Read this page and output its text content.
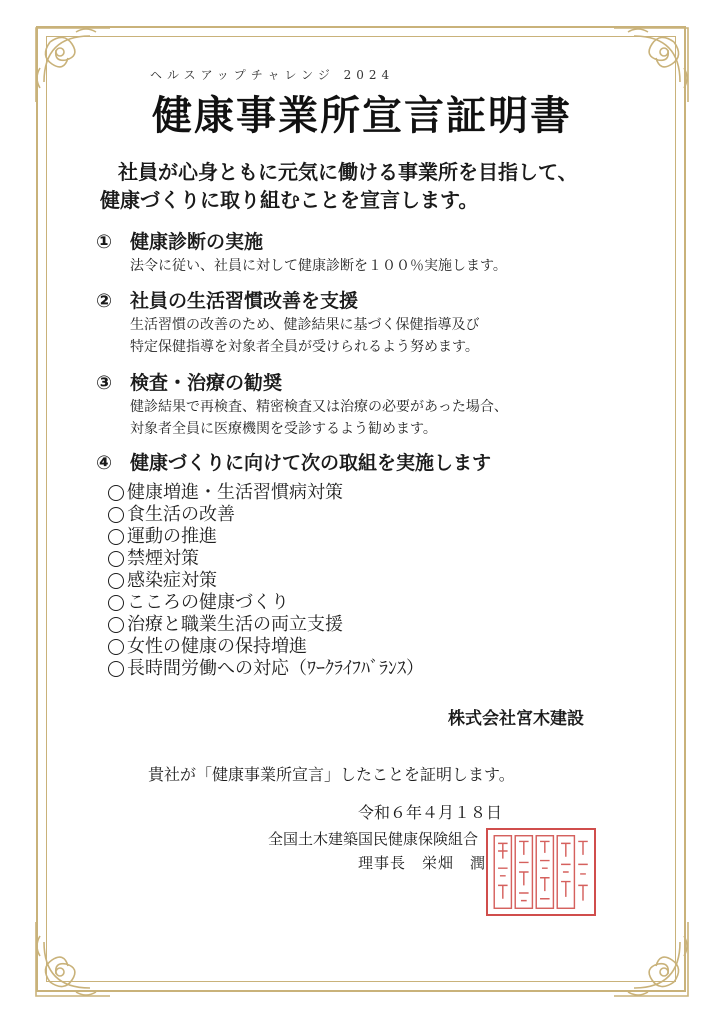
ヘルスアップチャレンジ 2024
健康事業所宣言証明書
社員が心身ともに元気に働ける事業所を目指して、
健康づくりに取り組むことを宣言します。
① 健康診断の実施
法令に従い、社員に対して健康診断を１００％実施します。
② 社員の生活習慣改善を支援
生活習慣の改善のため、健診結果に基づく保健指導及び
特定保健指導を対象者全員が受けられるよう努めます。
③ 検査・治療の勧奨
健診結果で再検査、精密検査又は治療の必要があった場合、
対象者全員に医療機関を受診するよう勧めます。
④ 健康づくりに向けて次の取組を実施します
健康増進・生活習慣病対策
食生活の改善
運動の推進
禁煙対策
感染症対策
こころの健康づくり
治療と職業生活の両立支援
女性の健康の保持増進
長時間労働への対応（ﾜｰｸﾗｲﾌﾊﾞﾗﾝｽ）
株式会社宮木建設
貴社が「健康事業所宣言」したことを証明します。
令和６年４月１８日
全国土木建築国民健康保険組合
理事長　栄畑　潤
